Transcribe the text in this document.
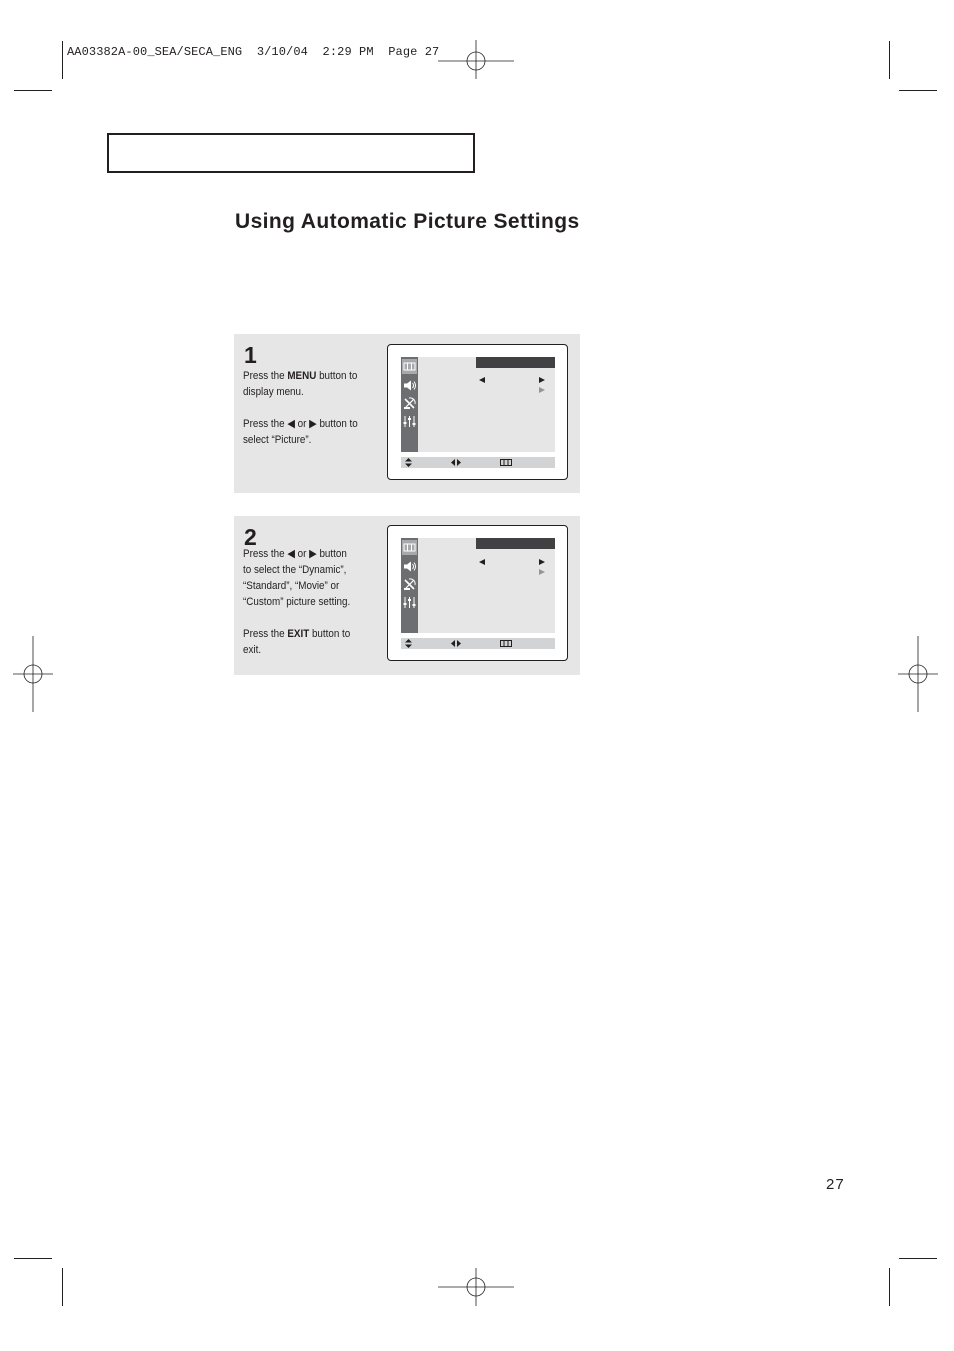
AA03382A-00_SEA/SECA_ENG  3/10/04  2:29 PM  Page 27
Using Automatic Picture Settings
1
Press the MENU button to
display menu.
Press the ◀ or ▶ button to
select “Picture”.
2
Press the ◀ or ▶ button
to select the “Dynamic”,
“Standard”, “Movie” or
“Custom” picture setting.
Press the EXIT button to
exit.
27
